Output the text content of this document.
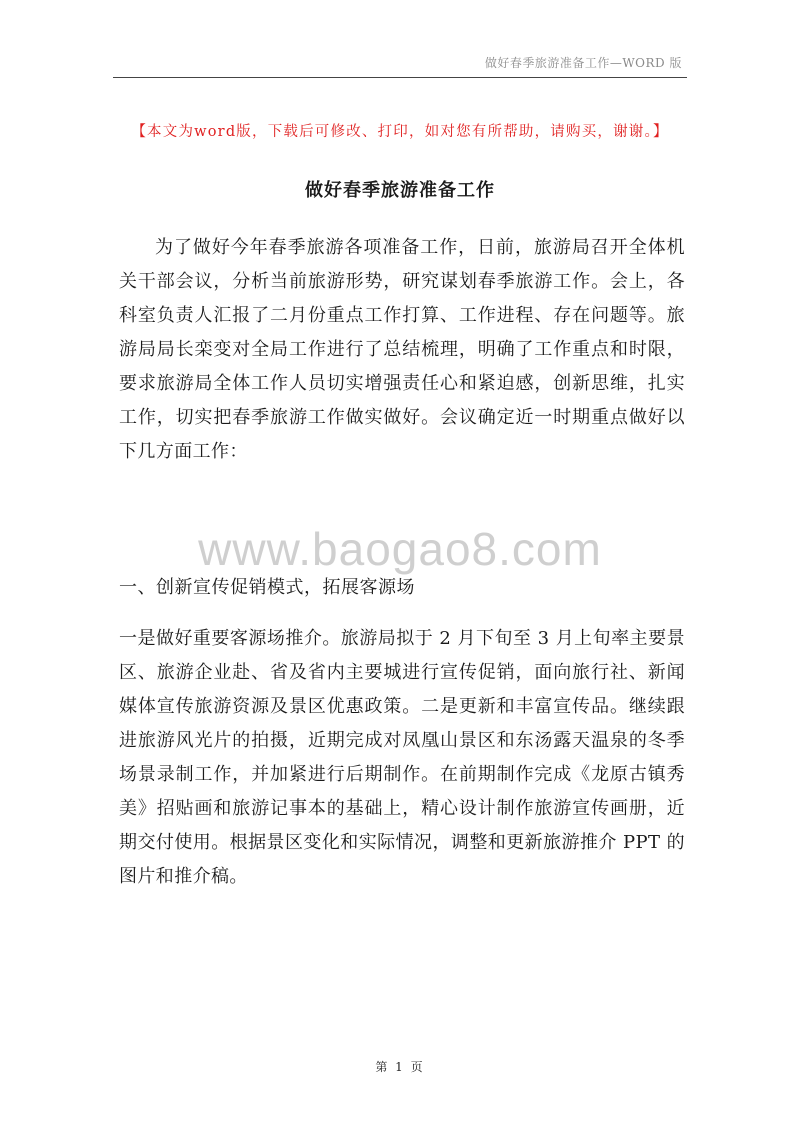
做好春季旅游准备工作—WORD 版
【本文为word版，下载后可修改、打印，如对您有所帮助，请购买，谢谢。】
做好春季旅游准备工作

为了做好今年春季旅游各项准备工作，日前，旅游局召开全体机关干部会议，分析当前旅游形势，研究谋划春季旅游工作。会上，各科室负责人汇报了二月份重点工作打算、工作进程、存在问题等。旅游局局长栾变对全局工作进行了总结梳理，明确了工作重点和时限，要求旅游局全体工作人员切实增强责任心和紧迫感，创新思维，扎实工作，切实把春季旅游工作做实做好。会议确定近一时期重点做好以下几方面工作：

www.baogao8.com
一、创新宣传促销模式，拓展客源场

一是做好重要客源场推介。旅游局拟于 2 月下旬至 3 月上旬率主要景区、旅游企业赴、省及省内主要城进行宣传促销，面向旅行社、新闻媒体宣传旅游资源及景区优惠政策。二是更新和丰富宣传品。继续跟进旅游风光片的拍摄，近期完成对凤凰山景区和东汤露天温泉的冬季场景录制工作，并加紧进行后期制作。在前期制作完成《龙原古镇秀美》招贴画和旅游记事本的基础上，精心设计制作旅游宣传画册，近期交付使用。根据景区变化和实际情况，调整和更新旅游推介 PPT 的图片和推介稿。

第 1 页
